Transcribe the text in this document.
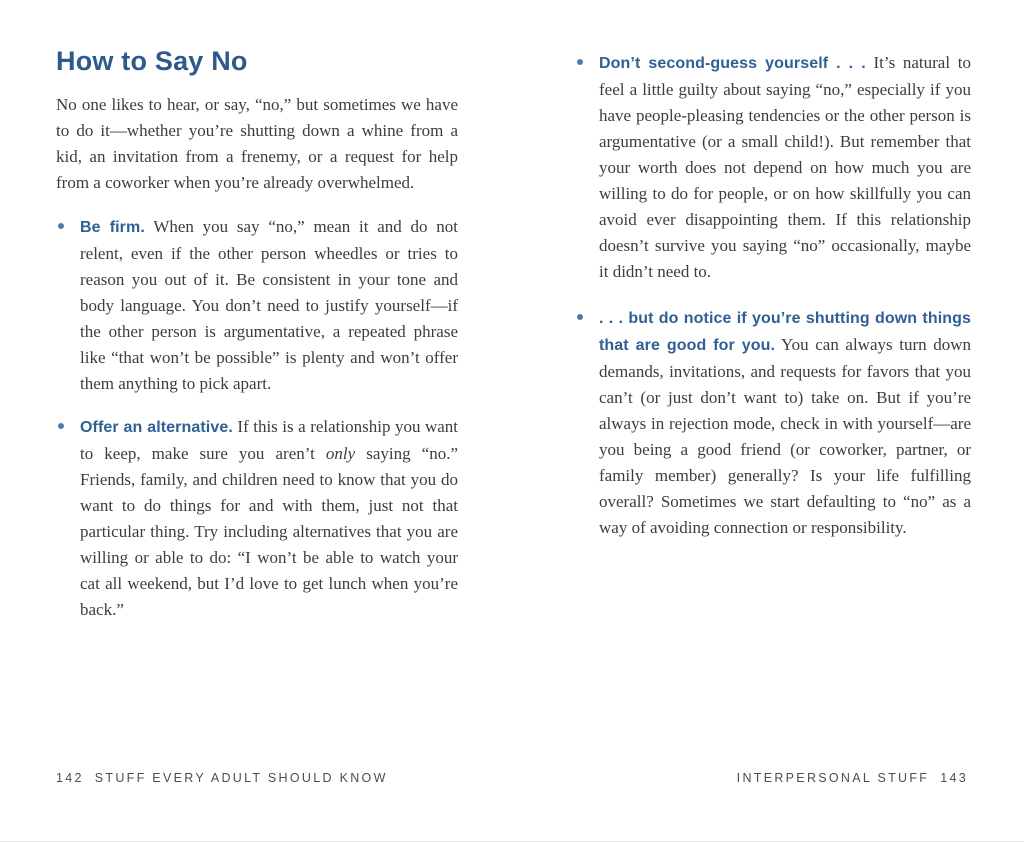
How to Say No

No one likes to hear, or say, “no,” but sometimes we have to do it—whether you’re shutting down a whine from a kid, an invitation from a frenemy, or a request for help from a coworker when you’re already overwhelmed.

Be firm. When you say “no,” mean it and do not relent, even if the other person wheedles or tries to reason you out of it. Be consistent in your tone and body language. You don’t need to justify yourself—if the other person is argumentative, a repeated phrase like “that won’t be possible” is plenty and won’t offer them anything to pick apart.
Offer an alternative. If this is a relationship you want to keep, make sure you aren’t only saying “no.” Friends, family, and children need to know that you do want to do things for and with them, just not that particular thing. Try including alternatives that you are willing or able to do: “I won’t be able to watch your cat all weekend, but I’d love to get lunch when you’re back.”
Don’t second-guess yourself . . . It’s natural to feel a little guilty about saying “no,” especially if you have people-pleasing tendencies or the other person is argumentative (or a small child!). But remember that your worth does not depend on how much you are willing to do for people, or on how skillfully you can avoid ever disappointing them. If this relationship doesn’t survive you saying “no” occasionally, maybe it didn’t need to.
. . . but do notice if you’re shutting down things that are good for you. You can always turn down demands, invitations, and requests for favors that you can’t (or just don’t want to) take on. But if you’re always in rejection mode, check in with yourself—are you being a good friend (or coworker, partner, or family member) generally? Is your life fulfilling overall? Sometimes we start defaulting to “no” as a way of avoiding connection or responsibility.
142 STUFF EVERY ADULT SHOULD KNOW	INTERPERSONAL STUFF 143
